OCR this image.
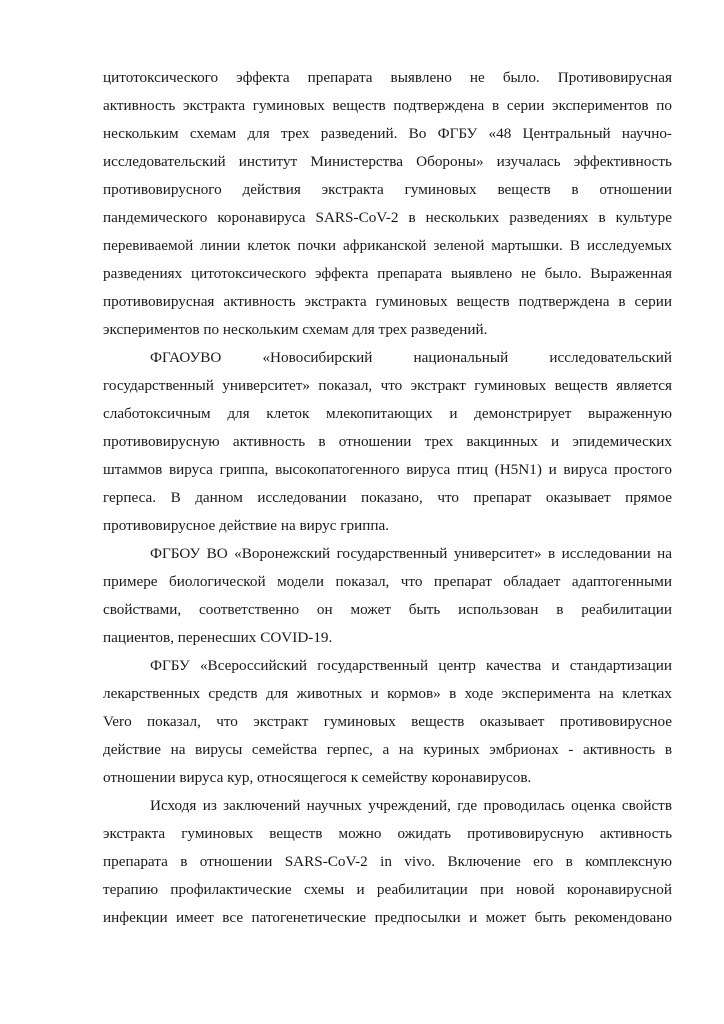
цитотоксического эффекта препарата выявлено не было. Противовирусная

активность экстракта гуминовых веществ подтверждена в серии экспериментов по

нескольким схемам для трех разведений. Во ФГБУ «48 Центральный научно-

исследовательский институт Министерства Обороны» изучалась эффективность

противовирусного действия экстракта гуминовых веществ в отношении

пандемического коронавируса SARS-CoV-2 в нескольких разведениях в культуре

перевиваемой линии клеток почки африканской зеленой мартышки. В исследуемых

разведениях цитотоксического эффекта препарата выявлено не было. Выраженная

противовирусная активность экстракта гуминовых веществ подтверждена в серии

экспериментов по нескольким схемам для трех разведений.

ФГАОУВО «Новосибирский национальный исследовательский

государственный университет» показал, что экстракт гуминовых веществ является

слаботоксичным для клеток млекопитающих и демонстрирует выраженную

противовирусную активность в отношении трех вакцинных и эпидемических

штаммов вируса гриппа, высокопатогенного вируса птиц (H5N1) и вируса простого

герпеса. В данном исследовании показано, что препарат оказывает прямое

противовирусное действие на вирус гриппа.

ФГБОУ ВО «Воронежский государственный университет» в исследовании на

примере биологической модели показал, что препарат обладает адаптогенными

свойствами, соответственно он может быть использован в реабилитации

пациентов, перенесших COVID-19.

ФГБУ «Всероссийский государственный центр качества и стандартизации

лекарственных средств для животных и кормов» в ходе эксперимента на клетках

Vero показал, что экстракт гуминовых веществ оказывает противовирусное

действие на вирусы семейства герпес, а на куриных эмбрионах - активность в

отношении вируса кур, относящегося к семейству коронавирусов.

Исходя из заключений научных учреждений, где проводилась оценка свойств

экстракта гуминовых веществ можно ожидать противовирусную активность

препарата в отношении SARS-CoV-2 in vivo. Включение его в комплексную

терапию профилактические схемы и реабилитации при новой коронавирусной

инфекции имеет все патогенетические предпосылки и может быть рекомендовано
